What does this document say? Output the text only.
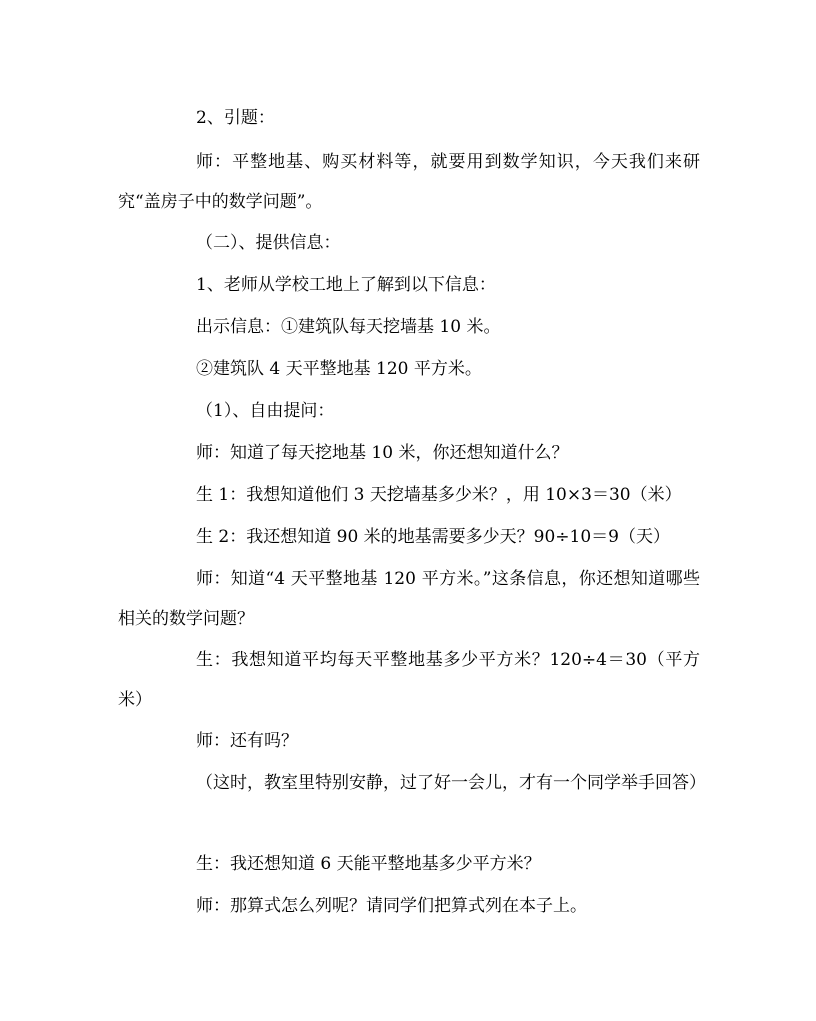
2、引题：

师：平整地基、购买材料等，就要用到数学知识，今天我们来研究“盖房子中的数学问题”。

（二）、提供信息：

1、老师从学校工地上了解到以下信息：

出示信息：①建筑队每天挖墙基 10 米。

②建筑队 4 天平整地基 120 平方米。

（1）、自由提问：

师：知道了每天挖地基 10 米，你还想知道什么？

生 1：我想知道他们 3 天挖墙基多少米？，用 10×3＝30（米）

生 2：我还想知道 90 米的地基需要多少天？90÷10＝9（天）

师：知道“4 天平整地基 120 平方米。”这条信息，你还想知道哪些相关的数学问题？

生：我想知道平均每天平整地基多少平方米？120÷4＝30（平方米）

师：还有吗？

（这时，教室里特别安静，过了好一会儿，才有一个同学举手回答）

生：我还想知道 6 天能平整地基多少平方米？

师：那算式怎么列呢？请同学们把算式列在本子上。
